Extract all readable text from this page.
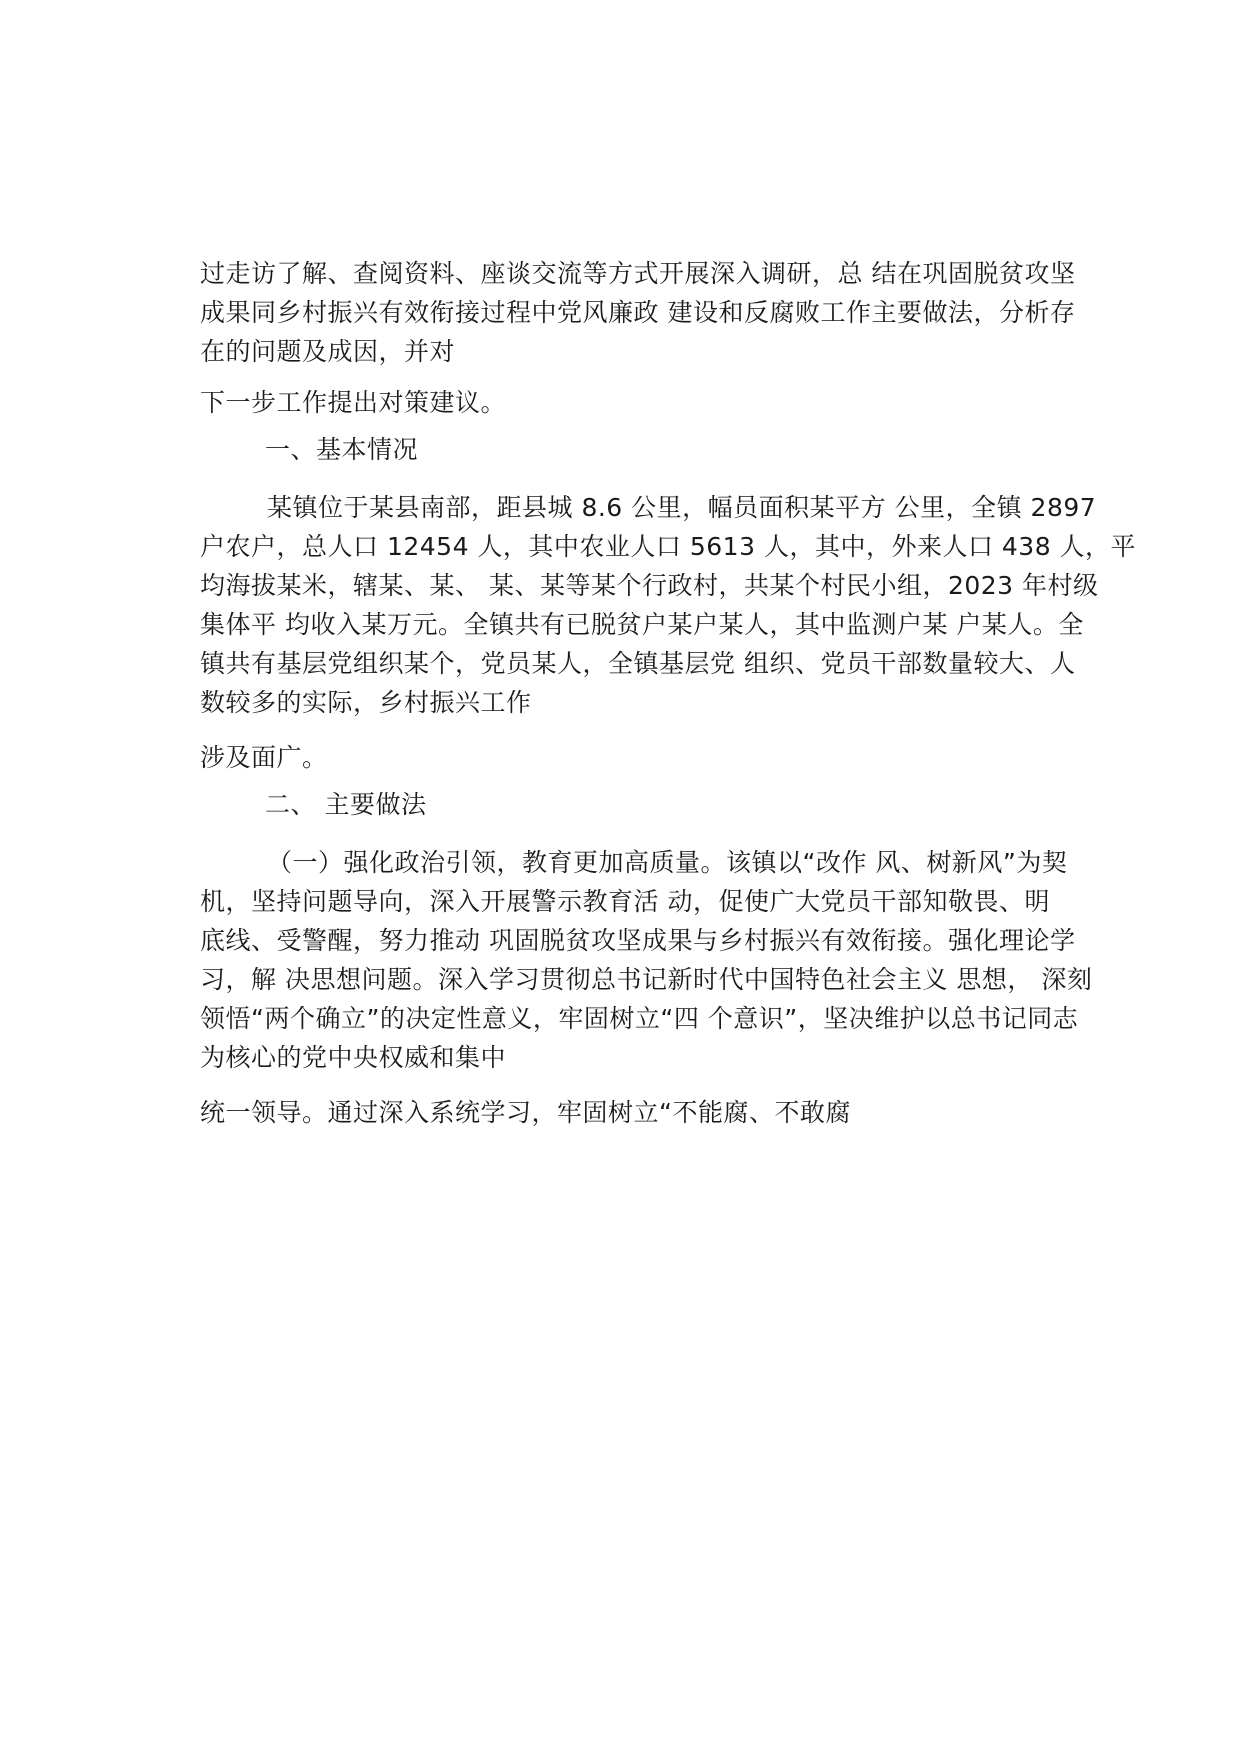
过走访了解、查阅资料、座谈交流等方式开展深入调研，总 结在巩固脱贫攻坚
成果同乡村振兴有效衔接过程中党风廉政 建设和反腐败工作主要做法，分析存
在的问题及成因，并对
下一步工作提出对策建议。
一、基本情况
某镇位于某县南部，距县城 8.6 公里，幅员面积某平方 公里，全镇 2897
户农户，总人口 12454 人，其中农业人口 5613 人，其中，外来人口 438 人，平
均海拔某米，辖某、某、 某、某等某个行政村，共某个村民小组，2023 年村级
集体平 均收入某万元。全镇共有已脱贫户某户某人，其中监测户某 户某人。全
镇共有基层党组织某个，党员某人，全镇基层党 组织、党员干部数量较大、人
数较多的实际，乡村振兴工作
涉及面广。
二、 主要做法
（一）强化政治引领，教育更加高质量。该镇以“改作 风、树新风”为契
机，坚持问题导向，深入开展警示教育活 动，促使广大党员干部知敬畏、明
底线、受警醒，努力推动 巩固脱贫攻坚成果与乡村振兴有效衔接。强化理论学
习，解 决思想问题。深入学习贯彻总书记新时代中国特色社会主义 思想， 深刻
领悟“两个确立”的决定性意义，牢固树立“四 个意识”，坚决维护以总书记同志
为核心的党中央权威和集中
统一领导。通过深入系统学习，牢固树立“不能腐、不敢腐
